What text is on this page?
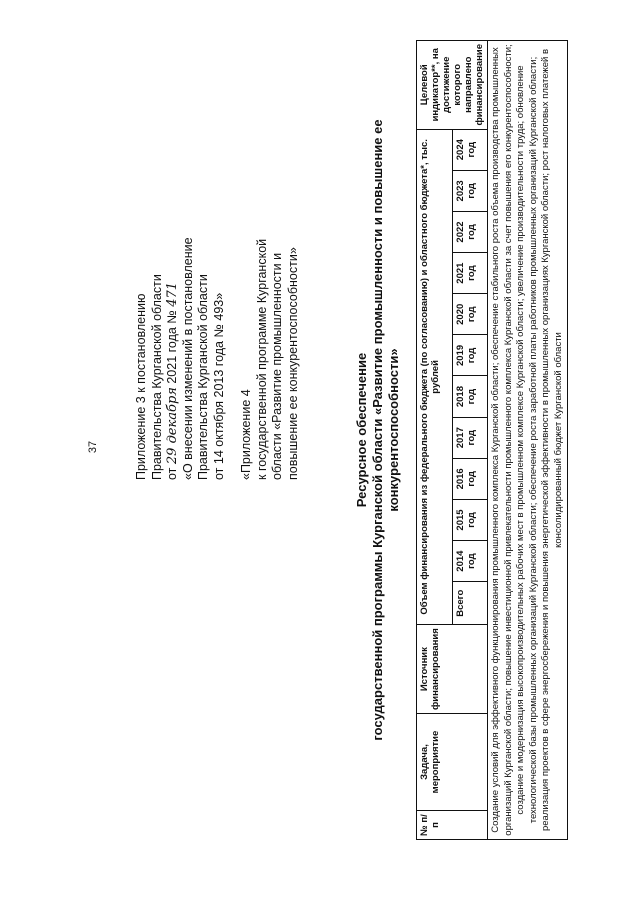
37	Приложение 3 к постановлению Правительства Курганской области от 29 декабря 2021 года № 471 «О внесении изменений в постановление Правительства Курганской области от 14 октября 2013 года № 493» «Приложение 4 к государственной программе Курганской области «Развитие промышленности и повышение ее конкурентоспособности»	Ресурсное обеспечение государственной программы Курганской области «Развитие промышленности и повышение ее конкурентоспособности»
№ п/п	Задача, мероприятие	Источник финансирования	Объем финансирования из федерального бюджета (по согласованию) и областного бюджета*, тыс. рублей												Целевой индикатор**, на достижение которого направлено финансирование
			Всего	2014 год	2015 год	2016 год	2017 год	2018 год	2019 год	2020 год	2021 год	2022 год	2023 год	2024 год	
Создание условий для эффективного функционирования промышленного комплекса Курганской области; обеспечение стабильного роста объема производства промышленных организаций Курганской области; повышение инвестиционной привлекательности промышленного комплекса Курганской области за счет повышения его конкурентоспособности; создание и модернизация высокопроизводительных рабочих мест в промышленном комплексе Курганской области; увеличение производительности труда; обновление технологической базы промышленных организаций Курганской области; обеспечение роста заработной платы работников промышленных организаций Курганской области; реализация проектов в сфере энергосбережения и повышения энергетической эффективности в промышленных организациях Курганской области; рост налоговых платежей в консолидированный бюджет Курганской области															
